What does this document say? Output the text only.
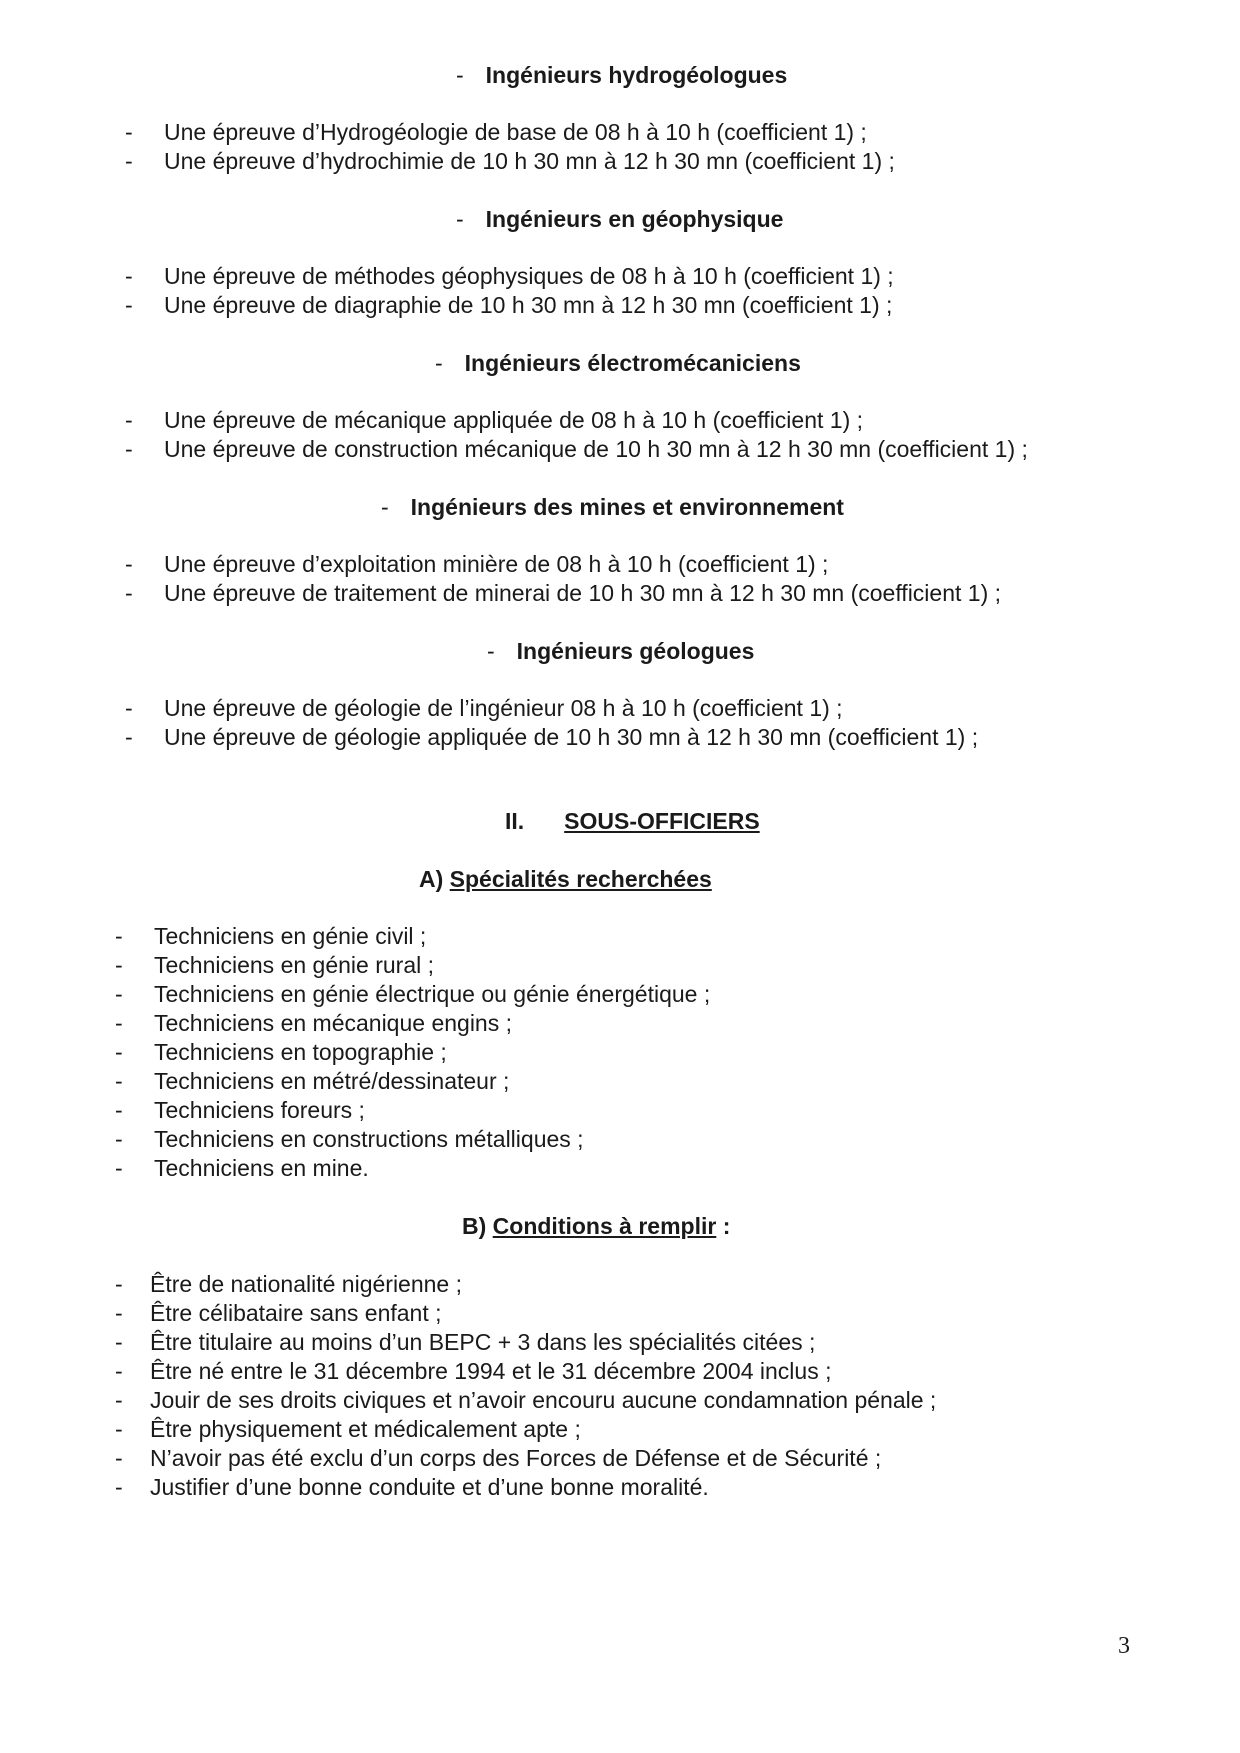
- Ingénieurs hydrogéologues
- Une épreuve d’Hydrogéologie de base de 08 h à 10 h (coefficient 1) ;
- Une épreuve d’hydrochimie de 10 h 30 mn à 12 h 30 mn (coefficient 1) ;
- Ingénieurs en géophysique
- Une épreuve de méthodes géophysiques de 08 h à 10 h (coefficient 1) ;
- Une épreuve de diagraphie de 10 h 30 mn à 12 h 30 mn (coefficient 1) ;
- Ingénieurs électromécaniciens
- Une épreuve de mécanique appliquée de 08 h à 10 h (coefficient 1) ;
- Une épreuve de construction mécanique de 10 h 30 mn à 12 h 30 mn (coefficient 1) ;
- Ingénieurs des mines et environnement
- Une épreuve d’exploitation minière de 08 h à 10 h (coefficient 1) ;
- Une épreuve de traitement de minerai de 10 h 30 mn à 12 h 30 mn (coefficient 1) ;
- Ingénieurs géologues
- Une épreuve de géologie de l’ingénieur 08 h à 10 h (coefficient 1) ;
- Une épreuve de géologie appliquée de 10 h 30 mn à 12 h 30 mn (coefficient 1) ;
II. SOUS-OFFICIERS
A) Spécialités recherchées
- Techniciens en génie civil ;
- Techniciens en génie rural ;
- Techniciens en génie électrique ou génie énergétique ;
- Techniciens en mécanique engins ;
- Techniciens en topographie ;
- Techniciens en métré/dessinateur ;
- Techniciens foreurs ;
- Techniciens en constructions métalliques ;
- Techniciens en mine.
B) Conditions à remplir :
- Être de nationalité nigérienne ;
- Être célibataire sans enfant ;
- Être titulaire au moins d’un BEPC + 3 dans les spécialités citées ;
- Être né entre le 31 décembre 1994 et le 31 décembre 2004 inclus ;
- Jouir de ses droits civiques et n’avoir encouru aucune condamnation pénale ;
- Être physiquement et médicalement apte ;
- N’avoir pas été exclu d’un corps des Forces de Défense et de Sécurité ;
- Justifier d’une bonne conduite et d’une bonne moralité.
3
